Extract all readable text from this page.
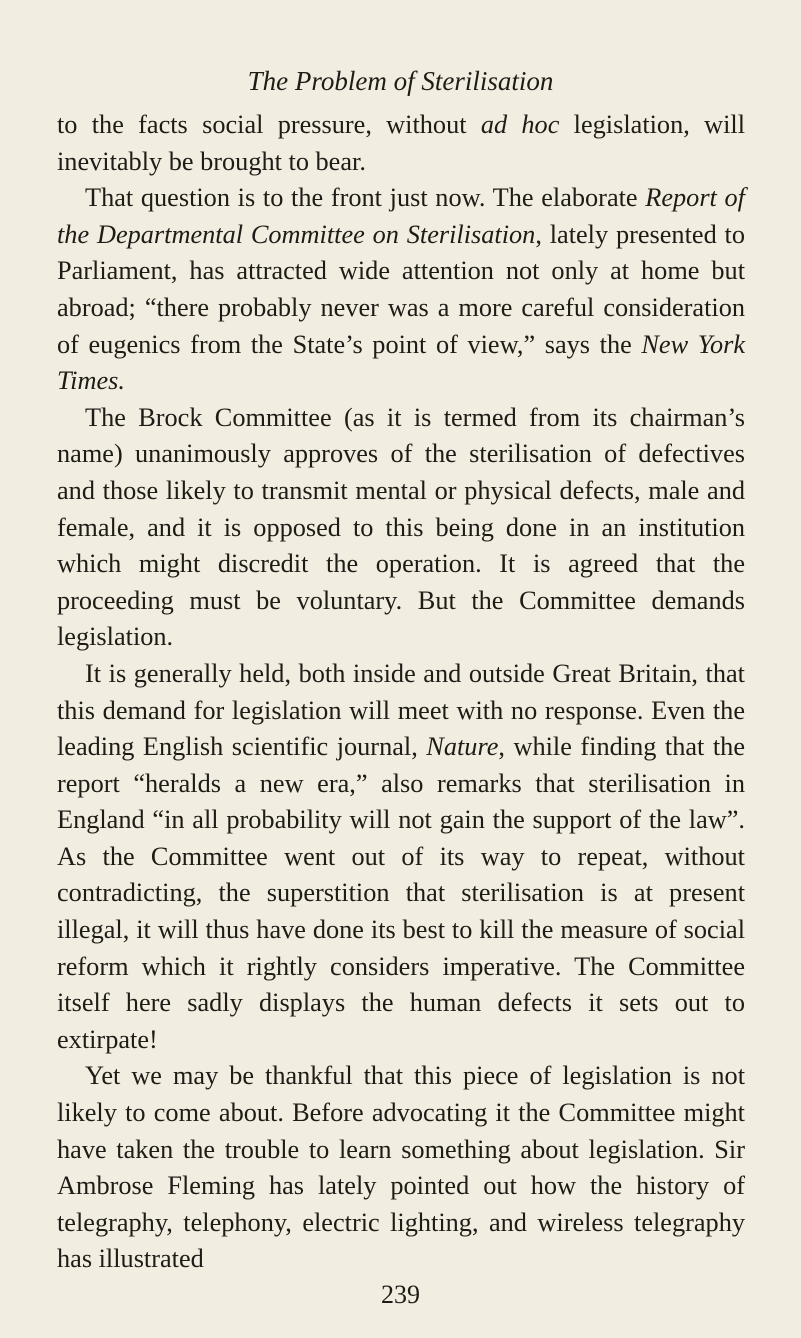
The Problem of Sterilisation

to the facts social pressure, without ad hoc legislation, will inevitably be brought to bear.

That question is to the front just now. The elaborate Report of the Departmental Committee on Sterilisation, lately presented to Parliament, has attracted wide attention not only at home but abroad; “there probably never was a more careful consideration of eugenics from the State’s point of view,” says the New York Times.

The Brock Committee (as it is termed from its chairman’s name) unanimously approves of the sterilisation of defectives and those likely to transmit mental or physical defects, male and female, and it is opposed to this being done in an institution which might discredit the operation. It is agreed that the proceeding must be voluntary. But the Committee demands legislation.

It is generally held, both inside and outside Great Britain, that this demand for legislation will meet with no response. Even the leading English scientific journal, Nature, while finding that the report “heralds a new era,” also remarks that sterilisation in England “in all probability will not gain the support of the law”. As the Committee went out of its way to repeat, without contradicting, the superstition that sterilisation is at present illegal, it will thus have done its best to kill the measure of social reform which it rightly considers imperative. The Committee itself here sadly displays the human defects it sets out to extirpate!

Yet we may be thankful that this piece of legislation is not likely to come about. Before advocating it the Committee might have taken the trouble to learn something about legislation. Sir Ambrose Fleming has lately pointed out how the history of telegraphy, telephony, electric lighting, and wireless telegraphy has illustrated

239
